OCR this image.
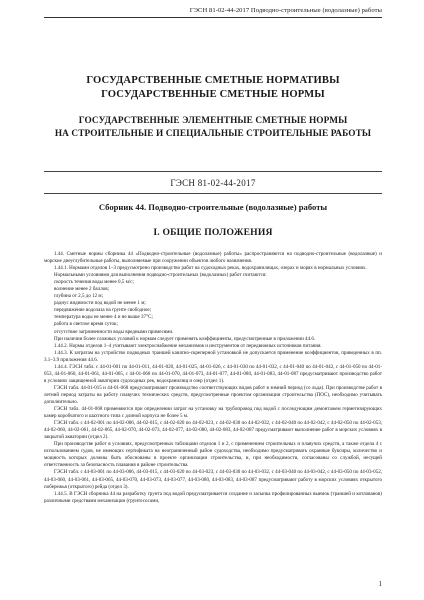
ГЭСН 81-02-44-2017 Подводно-строительные (водолазные) работы
ГОСУДАРСТВЕННЫЕ СМЕТНЫЕ НОРМАТИВЫ
ГОСУДАРСТВЕННЫЕ СМЕТНЫЕ НОРМЫ
ГОСУДАРСТВЕННЫЕ ЭЛЕМЕНТНЫЕ СМЕТНЫЕ НОРМЫ
НА СТРОИТЕЛЬНЫЕ И СПЕЦИАЛЬНЫЕ СТРОИТЕЛЬНЫЕ РАБОТЫ
ГЭСН 81-02-44-2017
Сборник 44. Подводно-строительные (водолазные) работы
I. ОБЩИЕ ПОЛОЖЕНИЯ

1.44. Сметные нормы сборника 44 «Подводно-строительные (водолазные) работы» распространяются на подводно-строительные (водолазные) и морские днеуглубительные работы, выполняемые при сооружении объектов любого назначения.

1.44.1. Нормами отделов 1–3 предусмотрено производство работ на судоходных реках, водохранилищах, озерах и морях в нормальных условиях.

Нормальными условиями для выполнения подводно-строительных (водолазных) работ считаются:

скорость течения воды менее 0,5 м/с;

волнение менее 2 баллов;

глубина от 2,5 до 12 м;

радиус видимости под водой не менее 1 м;

передвижение водолаза на грунте свободное;

температура воды не менее 4 и не выше 37°С;

работа в светлое время суток;

отсутствие загрязненности воды вредными примесями.

При наличии более сложных условий к нормам следует применять коэффициенты, предусмотренные в приложении 44.6.

1.44.2. Нормы отделов 1–4 учитывают электроснабжение механизмов и инструментов от передвижных источников питания.

1.44.3. К затратам на устройство подводных траншей канатно-скреперной установкой не допускается применение коэффициентов, приведенных в пп. 3.1–3.9 приложения 44.6.

1.44.4. ГЭСН табл. с 44-01-001 по 44-01-011, 44-01-020, 44-01-025, 44-01-026, с 44-01-030 по 44-01-032, с 44-01-040 по 44-01-042, с 44-01-050 по 44-01-053, 44-01-060, 44-01-061, 44-01-065, с 44-01-068 по 44-01-070, 44-01-073, 44-01-077, 44-01-080, 44-01-083, 44-01-087 предусматривают производство работ в условиях защищенной акватории судоходных рек, водохранилищ и озер (отдел 1).

ГЭСН табл. 44-01-015 и 44-01-068 предусматривают производство соответствующих видов работ в зимний период (со льда). При производстве работ в летний период затраты на работу плавучих технических средств, предусмотренные проектом организации строительства (ПОС), необходимо учитывать дополнительно.

ГЭСН табл. 44-01-068 применяются при определении затрат на установку на трубопровод под водой с последующим демонтажем герметизирующих камер коробчатого и шахтного типа с длиной корпуса не более 5 м.

ГЭСН табл. с 44-02-001 по 44-02-006, 44-02-015, с 44-02-020 по 44-02-023, с 44-02-030 по 44-02-032, с 44-02-040 по 44-02-042, с 44-02-050 по 44-02-053, 44-02-060, 44-02-061, 44-02-065, 44-02-070, 44-02-073, 44-02-077, 44-02-080, 44-02-083, 44-02-087 предусматривают выполнение работ в морских условиях в закрытой акватории (отдел 2).

При производстве работ в условиях, предусмотренных таблицами отделов 1 и 2, с применением строительных и плавучих средств, а также отдела 4 с использованием судов, не имеющих сертификата на неограниченный район судоходства, необходимо предусматривать охранные буксиры, количество и мощность которых должны быть обоснованы в проекте организации строительства, и, при необходимости, согласованы со службой, несущей ответственность за безопасность плавания в районе строительства.

ГЭСН табл. с 44-03-001 по 44-03-006, 44-03-015, с 44-03-020 по 44-03-023, с 44-03-030 по 44-03-032, с 44-03-040 по 44-03-042, с 44-03-050 по 44-03-052, 44-03-060, 44-03-061, 44-03-065, 44-03-070, 44-03-073, 44-03-077, 44-03-080, 44-03-083, 44-03-087 предусматривают работу в морских условиях открытого побережья (открытого) рейда (отдел 3).

1.44.5. В ГЭСН сборника 44 на разработку грунта под водой предусматривается создание и засыпка профилированных выемок (траншей и котлованов) различными средствами механизации (грунтососами,

1
